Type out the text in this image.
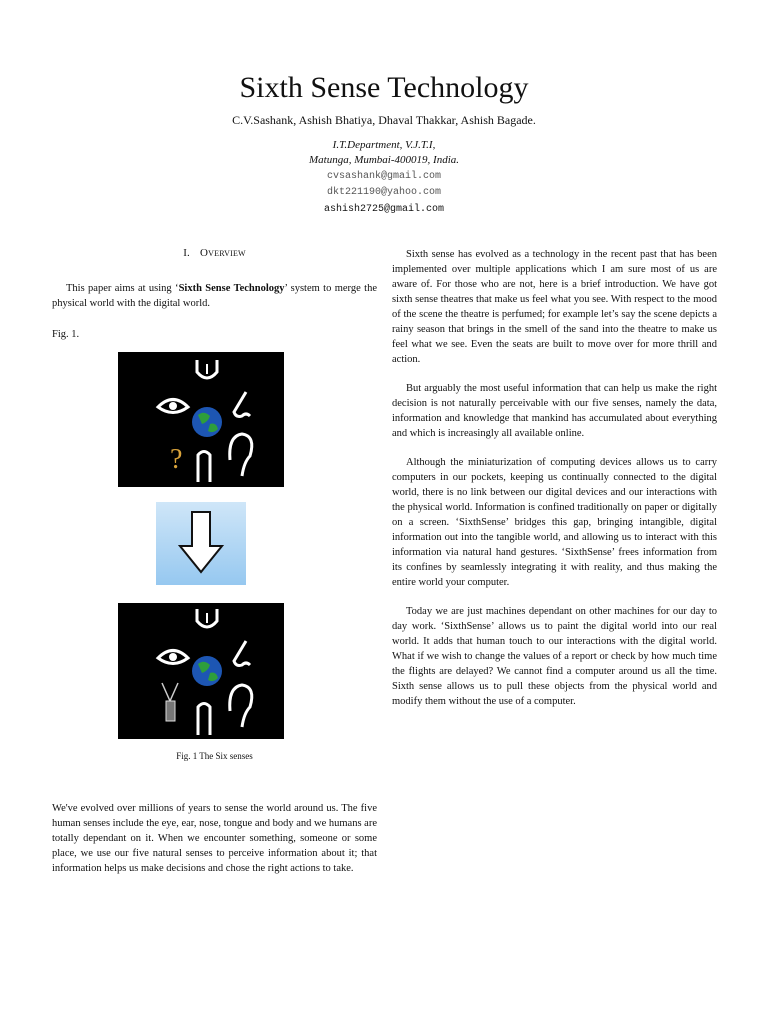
Sixth Sense Technology
C.V.Sashank, Ashish Bhatiya, Dhaval Thakkar, Ashish Bagade.
I.T.Department, V.J.T.I,
Matunga, Mumbai-400019, India.
cvsashank@gmail.com
dkt221190@yahoo.com
ashish2725@gmail.com
I. Overview

This paper aims at using ‘Sixth Sense Technology’ system to merge the physical world with the digital world.

Fig. 1.
?
Fig. 1 The Six senses

We've evolved over millions of years to sense the world around us. The five human senses include the eye, ear, nose, tongue and body and we humans are totally dependant on it. When we encounter something, someone or some place, we use our five natural senses to perceive information about it; that information helps us make decisions and chose the right actions to take.

Sixth sense has evolved as a technology in the recent past that has been implemented over multiple applications which I am sure most of us are aware of. For those who are not, here is a brief introduction. We have got sixth sense theatres that make us feel what you see. With respect to the mood of the scene the theatre is perfumed; for example let’s say the scene depicts a rainy season that brings in the smell of the sand into the theatre to make us feel what we see. Even the seats are built to move over for more thrill and action.

But arguably the most useful information that can help us make the right decision is not naturally perceivable with our five senses, namely the data, information and knowledge that mankind has accumulated about everything and which is increasingly all available online.

Although the miniaturization of computing devices allows us to carry computers in our pockets, keeping us continually connected to the digital world, there is no link between our digital devices and our interactions with the physical world. Information is confined traditionally on paper or digitally on a screen. ‘SixthSense’ bridges this gap, bringing intangible, digital information out into the tangible world, and allowing us to interact with this information via natural hand gestures. ‘SixthSense’ frees information from its confines by seamlessly integrating it with reality, and thus making the entire world your computer.

Today we are just machines dependant on other machines for our day to day work. ‘SixthSense’ allows us to paint the digital world into our real world. It adds that human touch to our interactions with the digital world. What if we wish to change the values of a report or check by how much time the flights are delayed? We cannot find a computer around us all the time. Sixth sense allows us to pull these objects from the physical world and modify them without the use of a computer.
